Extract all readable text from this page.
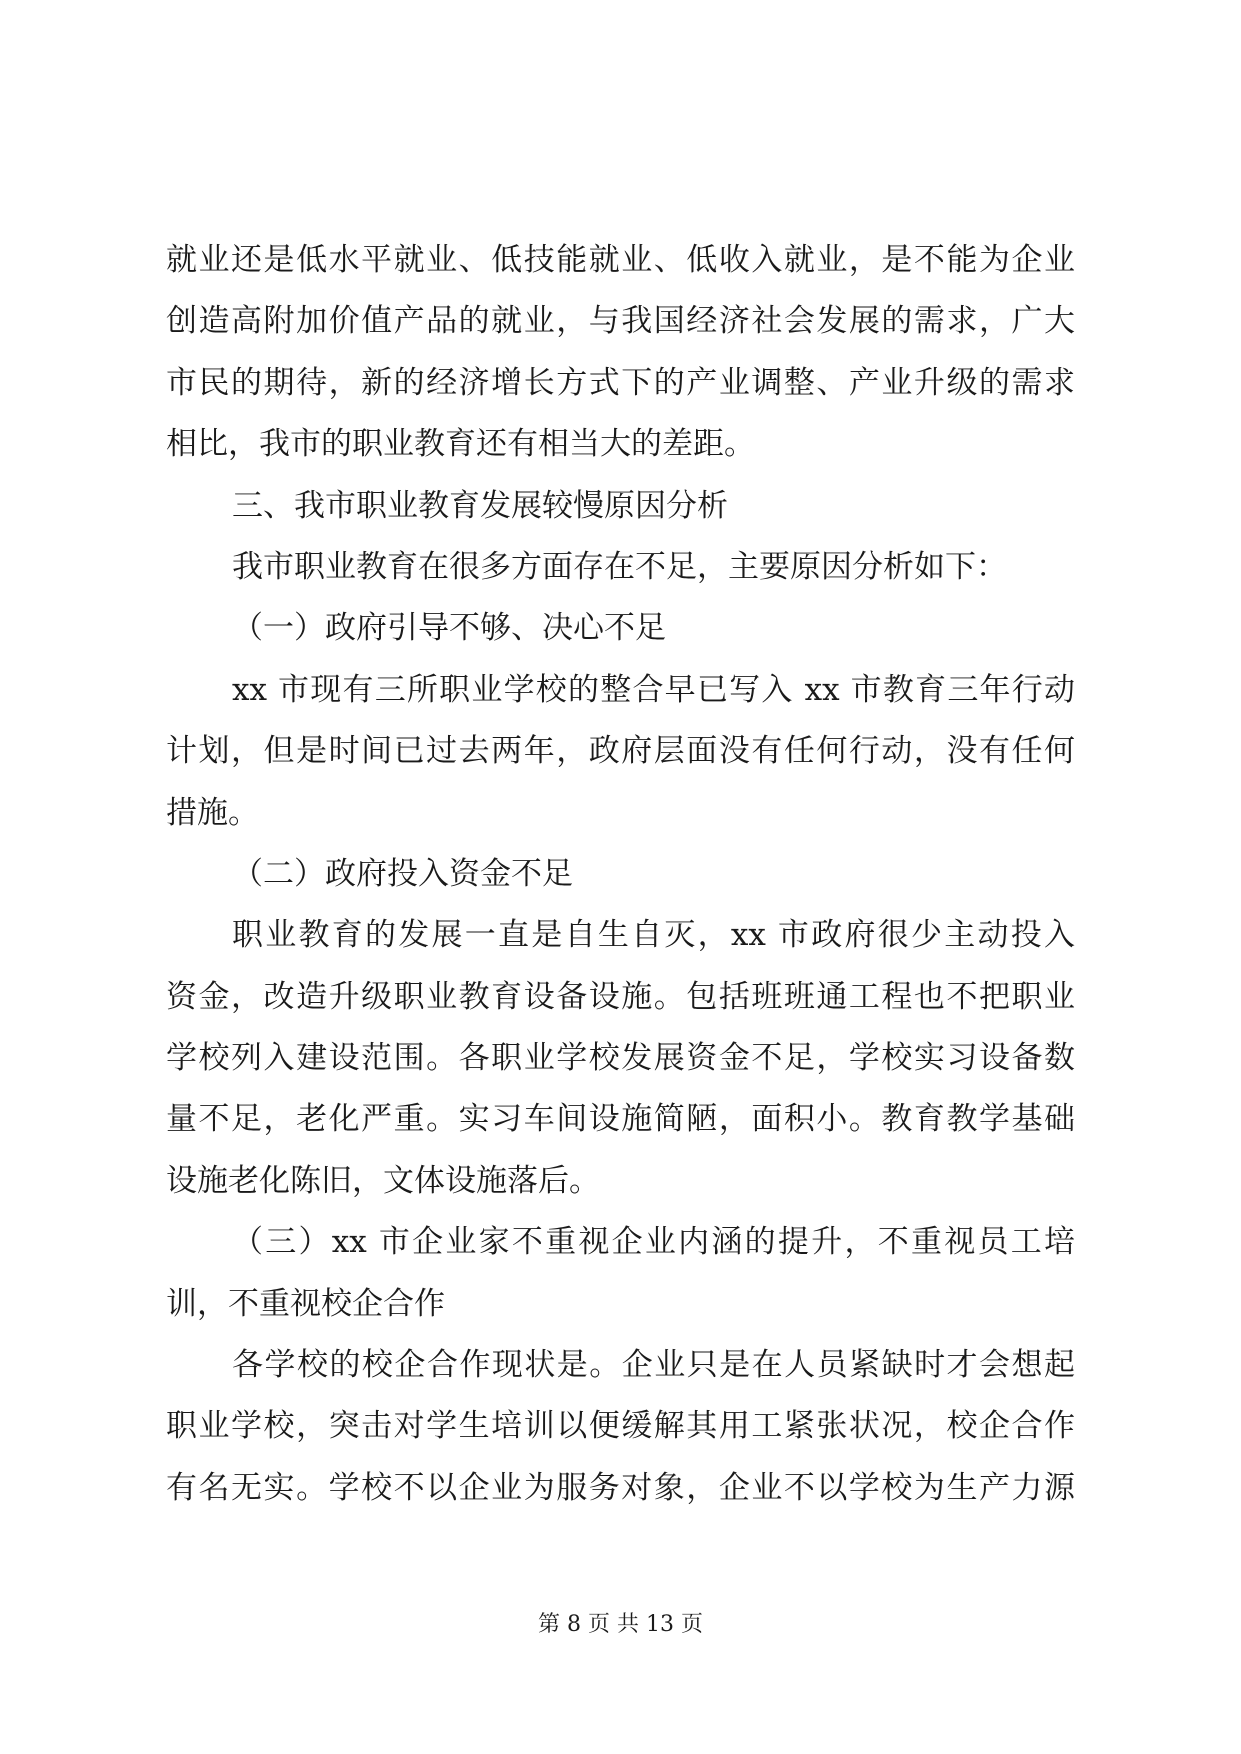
就业还是低水平就业、低技能就业、低收入就业，是不能为企业
创造高附加价值产品的就业，与我国经济社会发展的需求，广大
市民的期待，新的经济增长方式下的产业调整、产业升级的需求
相比，我市的职业教育还有相当大的差距。
三、我市职业教育发展较慢原因分析
我市职业教育在很多方面存在不足，主要原因分析如下：
（一）政府引导不够、决心不足
xx 市现有三所职业学校的整合早已写入 xx 市教育三年行动
计划，但是时间已过去两年，政府层面没有任何行动，没有任何
措施。
（二）政府投入资金不足
职业教育的发展一直是自生自灭，xx 市政府很少主动投入
资金，改造升级职业教育设备设施。包括班班通工程也不把职业
学校列入建设范围。各职业学校发展资金不足，学校实习设备数
量不足，老化严重。实习车间设施简陋，面积小。教育教学基础
设施老化陈旧，文体设施落后。
（三）xx 市企业家不重视企业内涵的提升，不重视员工培
训，不重视校企合作
各学校的校企合作现状是。企业只是在人员紧缺时才会想起
职业学校，突击对学生培训以便缓解其用工紧张状况，校企合作
有名无实。学校不以企业为服务对象，企业不以学校为生产力源
第 8 页 共 13 页
